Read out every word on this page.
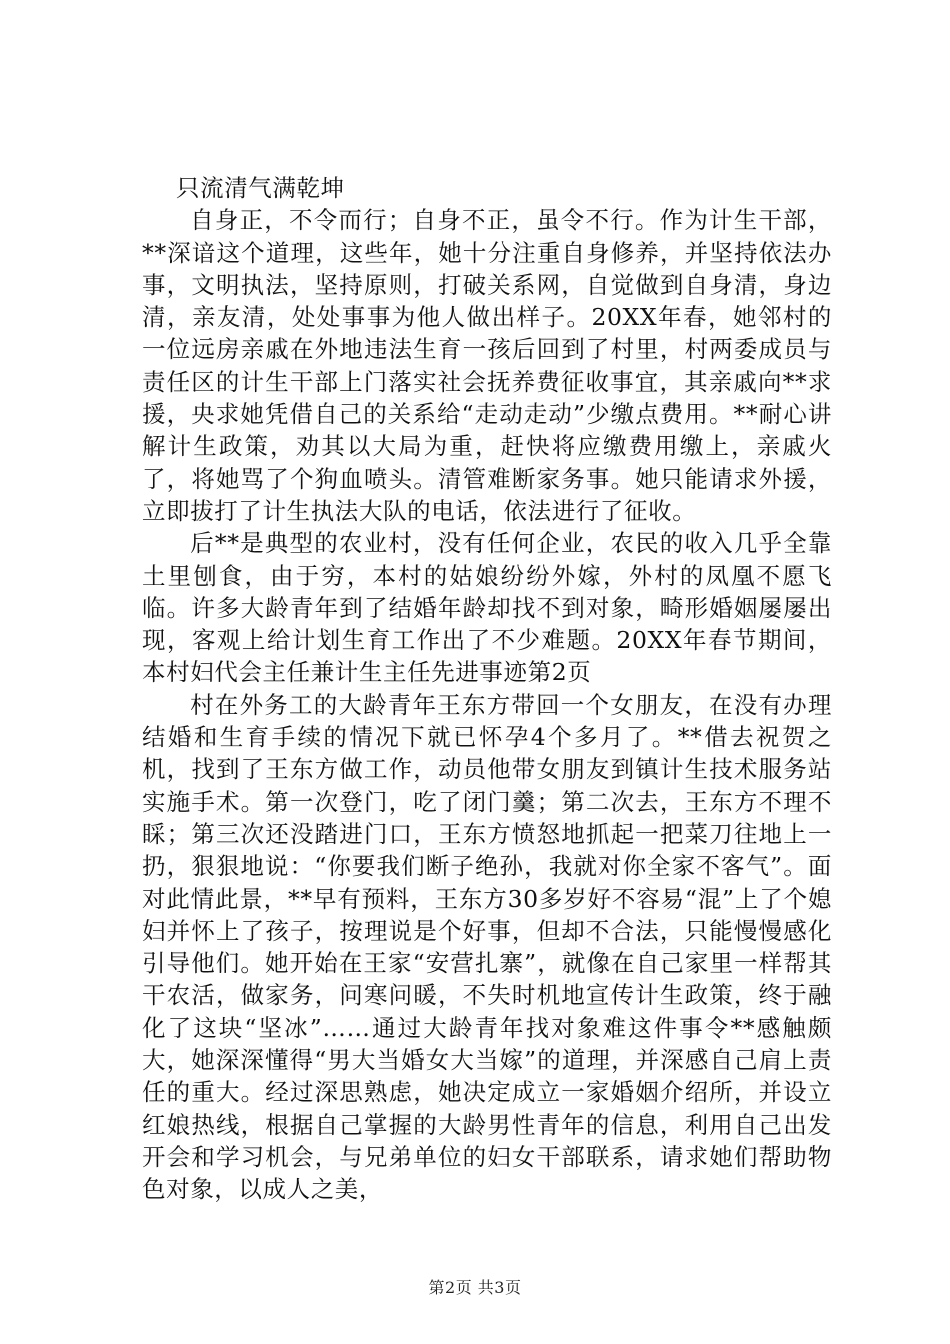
只流清气满乾坤

自身正，不令而行；自身不正，虽令不行。作为计生干部，**深谙这个道理，这些年，她十分注重自身修养，并坚持依法办事，文明执法，坚持原则，打破关系网，自觉做到自身清，身边清，亲友清，处处事事为他人做出样子。20XX年春，她邻村的一位远房亲戚在外地违法生育一孩后回到了村里，村两委成员与责任区的计生干部上门落实社会抚养费征收事宜，其亲戚向**求援，央求她凭借自己的关系给“走动走动”少缴点费用。**耐心讲解计生政策，劝其以大局为重，赶快将应缴费用缴上，亲戚火了，将她骂了个狗血喷头。清管难断家务事。她只能请求外援，立即拔打了计生执法大队的电话，依法进行了征收。

后**是典型的农业村，没有任何企业，农民的收入几乎全靠土里刨食，由于穷，本村的姑娘纷纷外嫁，外村的凤凰不愿飞临。许多大龄青年到了结婚年龄却找不到对象，畸形婚姻屡屡出现，客观上给计划生育工作出了不少难题。20XX年春节期间，本村妇代会主任兼计生主任先进事迹第2页

村在外务工的大龄青年王东方带回一个女朋友，在没有办理结婚和生育手续的情况下就已怀孕4个多月了。**借去祝贺之机，找到了王东方做工作，动员他带女朋友到镇计生技术服务站实施手术。第一次登门，吃了闭门羹；第二次去，王东方不理不睬；第三次还没踏进门口，王东方愤怒地抓起一把菜刀往地上一扔，狠狠地说：“你要我们断子绝孙，我就对你全家不客气”。面对此情此景，**早有预料，王东方30多岁好不容易“混”上了个媳妇并怀上了孩子，按理说是个好事，但却不合法，只能慢慢感化引导他们。她开始在王家“安营扎寨”，就像在自己家里一样帮其干农活，做家务，问寒问暖，不失时机地宣传计生政策，终于融化了这块“坚冰”……通过大龄青年找对象难这件事令**感触颇大，她深深懂得“男大当婚女大当嫁”的道理，并深感自己肩上责任的重大。经过深思熟虑，她决定成立一家婚姻介绍所，并设立红娘热线，根据自己掌握的大龄男性青年的信息，利用自己出发开会和学习机会，与兄弟单位的妇女干部联系，请求她们帮助物色对象，以成人之美，

第2页 共3页
